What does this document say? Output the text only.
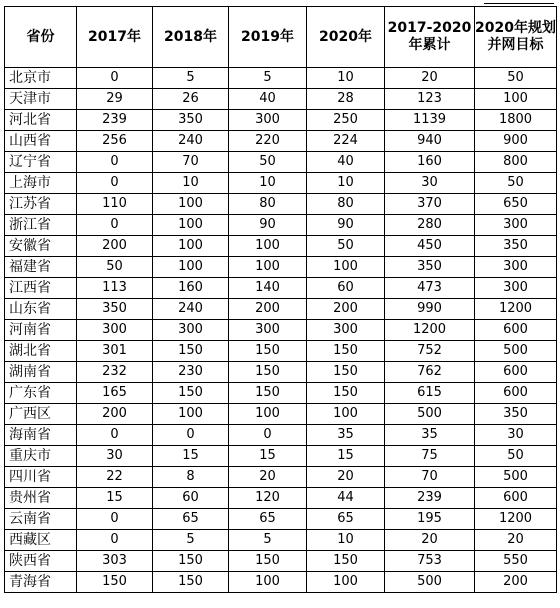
省份	2017年	2018年	2019年	2020年	2017-2020年累计	2020年规划并网目标
北京市	0	5	5	10	20	50
天津市	29	26	40	28	123	100
河北省	239	350	300	250	1139	1800
山西省	256	240	220	224	940	900
辽宁省	0	70	50	40	160	800
上海市	0	10	10	10	30	50
江苏省	110	100	80	80	370	650
浙江省	0	100	90	90	280	300
安徽省	200	100	100	50	450	350
福建省	50	100	100	100	350	300
江西省	113	160	140	60	473	300
山东省	350	240	200	200	990	1200
河南省	300	300	300	300	1200	600
湖北省	301	150	150	150	752	500
湖南省	232	230	150	150	762	600
广东省	165	150	150	150	615	600
广西区	200	100	100	100	500	350
海南省	0	0	0	35	35	30
重庆市	30	15	15	15	75	50
四川省	22	8	20	20	70	500
贵州省	15	60	120	44	239	600
云南省	0	65	65	65	195	1200
西藏区	0	5	5	10	20	20
陕西省	303	150	150	150	753	550
青海省	150	150	100	100	500	200
